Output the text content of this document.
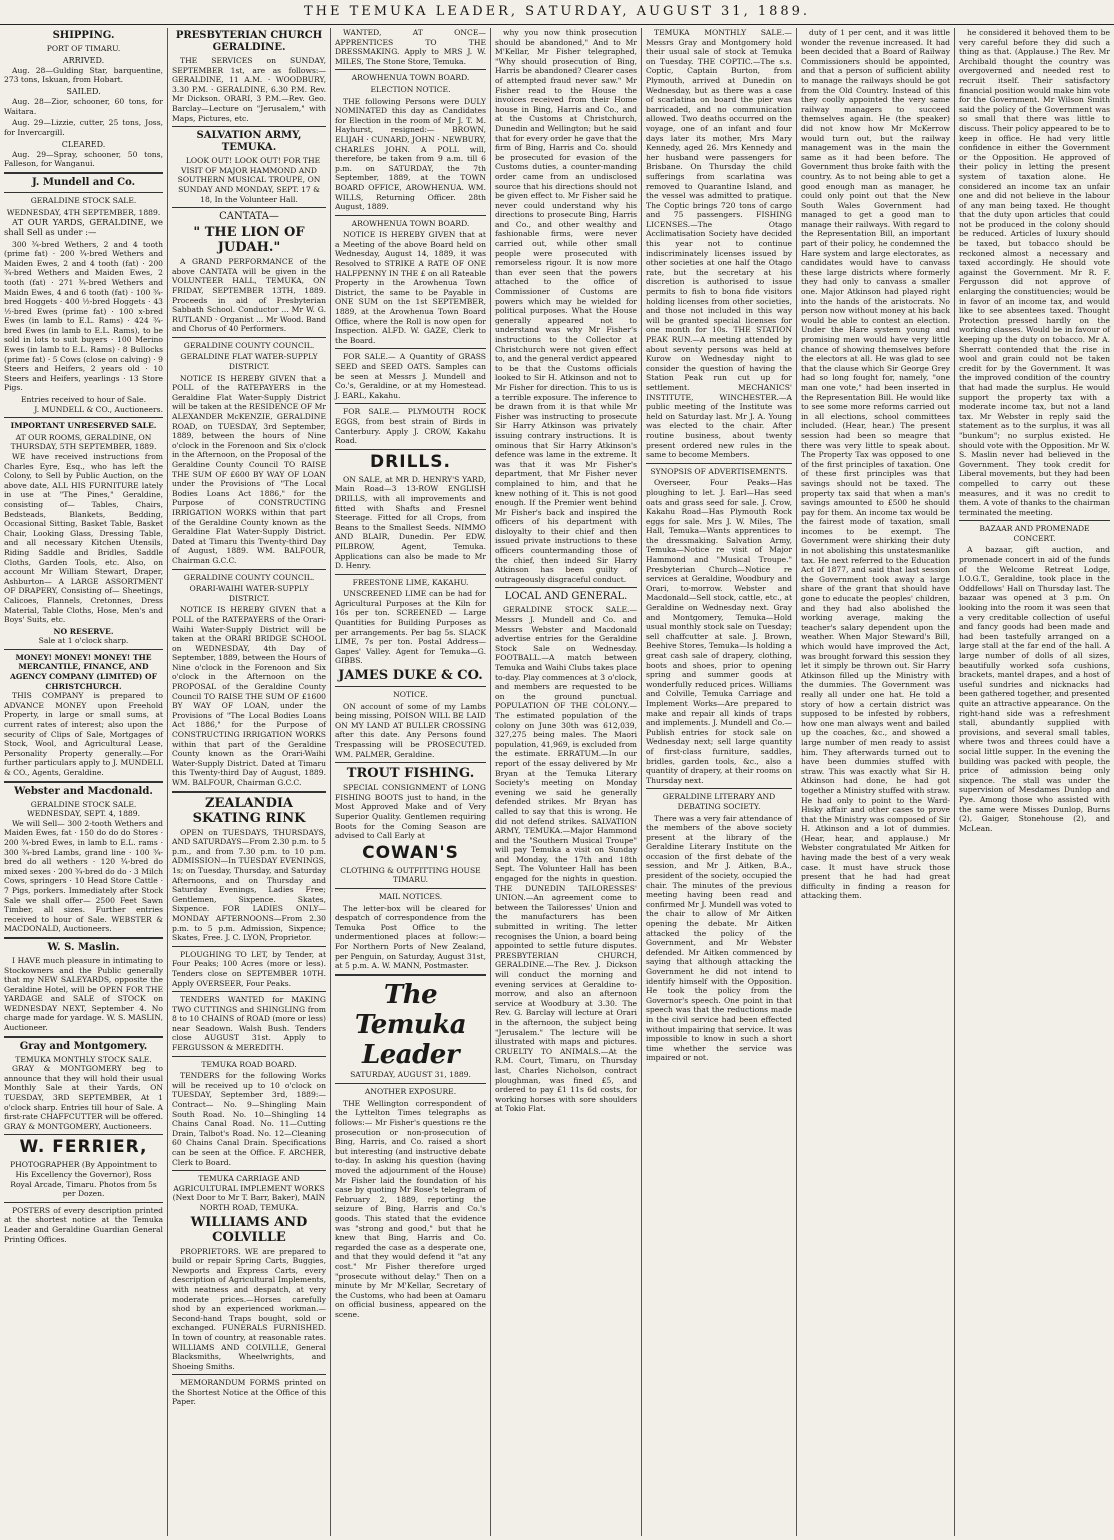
THE TEMUKA LEADER, SATURDAY, AUGUST 31, 1889.
SHIPPING.
PORT OF TIMARU.
ARRIVED.
Aug. 28—Gulding Star, barquentine, 273 tons, Iskuan, from Hobart.
SAILED.
Aug. 28—Zior, schooner, 60 tons, for Waitara.
Aug. 29—Lizzie, cutter, 25 tons, Joss, for Invercargill.
CLEARED.
Aug. 29—Spray, schooner, 50 tons, Falleson, for Wanganui.
J. Mundell and Co.
GERALDINE STOCK SALE.
WEDNESDAY, 4TH SEPTEMBER, 1889.
AT OUR YARDS, GERALDINE, we shall Sell as under :—
300 ¾-bred Wethers, 2 and 4 tooth (prime fat) · 200 ¾-bred Wethers and Maiden Ewes, 2 and 4 tooth (fat) · 200 ¾-bred Wethers and Maiden Ewes, 2 tooth (fat) · 271 ¾-bred Wethers and Maidn Ewes, 4 and 6 tooth (fat) · 100 ¾-bred Hoggets · 400 ½-bred Hoggets · 43 ½-bred Ewes (prime fat) · 100 x-bred Ewes (in lamb to E.L. Rams) · 424 ¾-bred Ewes (in lamb to E.L. Rams), to be sold in lots to suit buyers · 100 Merino Ewes (in lamb to E.L. Rams) · 8 Bullocks (prime fat) · 5 Cows (close on calving) · 9 Steers and Heifers, 2 years old · 10 Steers and Heifers, yearlings · 13 Store Pigs.
Entries received to hour of Sale.
J. MUNDELL & CO., Auctioneers.
IMPORTANT UNRESERVED SALE.
AT OUR ROOMS, GERALDINE, ON THURSDAY, 5TH SEPTEMBER, 1889.
WE have received instructions from Charles Eyre, Esq., who has left the Colony, to Sell by Public Auction, on the above date, ALL HIS FURNITURE lately in use at "The Pines," Geraldine, consisting of— Tables, Chairs, Bedsteads, Blankets, Bedding, Occasional Sitting, Basket Table, Basket Chair, Looking Glass, Dressing Table, and all necessary Kitchen Utensils, Riding Saddle and Bridles, Saddle Cloths, Garden Tools, etc. Also, on account Mr William Stewart, Draper, Ashburton— A LARGE ASSORTMENT OF DRAPERY, Consisting of— Sheetings, Calicoes, Flannels, Cretonnes, Dress Material, Table Cloths, Hose, Men's and Boys' Suits, etc.
NO RESERVE.
Sale at 1 o'clock sharp.
MONEY! MONEY! MONEY! THE MERCANTILE, FINANCE, AND AGENCY COMPANY (LIMITED) OF CHRISTCHURCH.
THIS COMPANY is prepared to ADVANCE MONEY upon Freehold Property, in large or small sums, at current rates of interest; also upon the security of Clips of Sale, Mortgages of Stock, Wool, and Agricultural Lease, Personality Property generally.—For further particulars apply to J. MUNDELL & CO., Agents, Geraldine.
Webster and Macdonald.
GERALDINE STOCK SALE. WEDNESDAY, SEPT. 4, 1889.
We will Sell— 300 2-tooth Wethers and Maiden Ewes, fat · 150 do do do Stores · 200 ¾-bred Ewes, in lamb to E.L. rams · 300 ¾-bred Lambs, grand line · 100 ¾-bred do all wethers · 120 ¾-bred do mixed sexes · 200 ¾-bred do do · 3 Milch Cows, springers · 10 Head Store Cattle · 7 Pigs, porkers. Immediately after Stock Sale we shall offer— 2500 Feet Sawn Timber, all sizes. Further entries received to hour of Sale. WEBSTER & MACDONALD, Auctioneers.
W. S. Maslin.
I HAVE much pleasure in intimating to Stockowners and the Public generally that my NEW SALEYARDS, opposite the Geraldine Hotel, will be OPEN FOR THE YARDAGE and SALE of STOCK on WEDNESDAY NEXT, September 4. No charge made for yardage. W. S. MASLIN, Auctioneer.
Gray and Montgomery.
TEMUKA MONTHLY STOCK SALE.
GRAY & MONTGOMERY beg to announce that they will hold their usual Monthly Sale at their Yards, ON TUESDAY, 3RD SEPTEMBER, At 1 o'clock sharp. Entries till hour of Sale. A first-rate CHAFFCUTTER will be offered. GRAY & MONTGOMERY, Auctioneers.
W. FERRIER,
PHOTOGRAPHER (By Appointment to His Excellency the Governor), Ross Royal Arcade, Timaru. Photos from 5s per Dozen.
POSTERS of every description printed at the shortest notice at the Temuka Leader and Geraldine Guardian General Printing Offices.
PRESBYTERIAN CHURCH GERALDINE.
THE SERVICES on SUNDAY, SEPTEMBER 1st, are as follows:— GERALDINE, 11 A.M. · WOODBURY, 3.30 P.M. · GERALDINE, 6.30 P.M. Rev. Mr Dickson. ORARI, 3 P.M.—Rev. Geo. Barclay—Lecture on "Jerusalem," with Maps, Pictures, etc.
SALVATION ARMY, TEMUKA.
LOOK OUT! LOOK OUT! FOR THE VISIT OF MAJOR HAMMOND AND SOUTHERN MUSICAL TROUPE, ON SUNDAY AND MONDAY, SEPT. 17 & 18, In the Volunteer Hall.
CANTATA—
" THE LION OF JUDAH."
A GRAND PERFORMANCE of the above CANTATA will be given in the VOLUNTEER HALL, TEMUKA, ON FRIDAY, SEPTEMBER 13TH, 1889. Proceeds in aid of Presbyterian Sabbath School. Conductor ... Mr W. G. RUTLAND · Organist ... Mr Wood. Band and Chorus of 40 Performers.
GERALDINE COUNTY COUNCIL.
GERALDINE FLAT WATER-SUPPLY DISTRICT.
NOTICE IS HEREBY GIVEN that a POLL of the RATEPAYERS in the Geraldine Flat Water-Supply District will be taken at the RESIDENCE OF Mr ALEXANDER McKENZIE, GERALDINE ROAD, on TUESDAY, 3rd September, 1889, between the hours of Nine o'clock in the Forenoon and Six o'clock in the Afternoon, on the Proposal of the Geraldine County Council TO RAISE THE SUM OF £600 BY WAY OF LOAN under the Provisions of "The Local Bodies Loans Act 1886," for the Purpose of CONSTRUCTING IRRIGATION WORKS within that part of the Geraldine County known as the Geraldine Flat Water-Supply District. Dated at Timaru this Twenty-third Day of August, 1889. WM. BALFOUR, Chairman G.C.C.
GERALDINE COUNTY COUNCIL.
ORARI-WAIHI WATER-SUPPLY DISTRICT.
NOTICE IS HEREBY GIVEN that a POLL of the RATEPAYERS of the Orari-Waihi Water-Supply District will be taken at the ORARI BRIDGE SCHOOL on WEDNESDAY, 4th Day of September, 1889, between the Hours of Nine o'clock in the Forenoon and Six o'clock in the Afternoon on the PROPOSAL of the Geraldine County Council TO RAISE THE SUM OF £1600 BY WAY OF LOAN, under the Provisions of "The Local Bodies Loans Act 1886," for the Purpose of CONSTRUCTING IRRIGATION WORKS within that part of the Geraldine County known as the Orari-Waihi Water-Supply District. Dated at Timaru this Twenty-third Day of August, 1889. WM. BALFOUR, Chairman G.C.C.
ZEALANDIA SKATING RINK
OPEN on TUESDAYS, THURSDAYS, AND SATURDAYS—From 2.30 p.m. to 5 p.m., and from 7.30 p.m. to 10 p.m. ADMISSION—In TUESDAY EVENINGS, 1s; on Tuesday, Thursday, and Saturday Afternoons, and on Thursday and Saturday Evenings, Ladies Free; Gentlemen, Sixpence. Skates, Sixpence. FOR LADIES ONLY— MONDAY AFTERNOONS—From 2.30 p.m. to 5 p.m. Admission, Sixpence; Skates, Free. J. C. LYON, Proprietor.
PLOUGHING TO LET, by Tender, at Four Peaks; 100 Acres (more or less). Tenders close on SEPTEMBER 10TH. Apply OVERSEER, Four Peaks.
TENDERS WANTED for MAKING TWO CUTTINGS and SHINGLING from 8 to 10 CHAINS of ROAD (more or less) near Seadown. Walsh Bush. Tenders close AUGUST 31st. Apply to FERGUSSON & MEREDITH.
TEMUKA ROAD BOARD.
TENDERS for the following Works will be received up to 10 o'clock on TUESDAY, September 3rd, 1889:— Contract— No. 9—Shingling Main South Road. No. 10—Shingling 14 Chains Canal Road. No. 11—Cutting Drain, Talbot's Road. No. 12—Cleaning 60 Chains Canal Drain. Specifications can be seen at the Office. F. ARCHER, Clerk to Board.
TEMUKA CARRIAGE AND AGRICULTURAL IMPLEMENT WORKS (Next Door to Mr T. Barr, Baker), MAIN NORTH ROAD, TEMUKA.
WILLIAMS AND COLVILLE
PROPRIETORS. WE are prepared to build or repair Spring Carts, Buggies, Newports and Express Carts, every description of Agricultural Implements, with neatness and despatch, at very moderate prices.—Horses carefully shod by an experienced workman.—Second-hand Traps bought, sold or exchanged. FUNERALS FURNISHED. In town of country, at reasonable rates. WILLIAMS AND COLVILLE, General Blacksmiths, Wheelwrights, and Shoeing Smiths.
MEMORANDUM FORMS printed on the Shortest Notice at the Office of this Paper.
WANTED, AT ONCE— APPRENTICES TO THE DRESSMAKING. Apply to MRS J. W. MILES, The Stone Store, Temuka.
AROWHENUA TOWN BOARD.
ELECTION NOTICE.
THE following Persons were DULY NOMINATED this day as Candidates for Election in the room of Mr J. T. M. Hayhurst, resigned:— BROWN, ELIJAH · CUNARD, JOHN · NEWBURY, CHARLES JOHN. A POLL will, therefore, be taken from 9 a.m. till 6 p.m. on SATURDAY, the 7th September, 1889, at the TOWN BOARD OFFICE, AROWHENUA. WM. WILLS, Returning Officer. 28th August, 1889.
AROWHENUA TOWN BOARD.
NOTICE IS HEREBY GIVEN that at a Meeting of the above Board held on Wednesday, August 14, 1889, it was Resolved to STRIKE A RATE OF ONE HALFPENNY IN THE £ on all Rateable Property in the Arowhenua Town District, the same to be Payable in ONE SUM on the 1st SEPTEMBER, 1889, at the Arowhenua Town Board Office, where the Roll is now open for Inspection. ALFD. W. GAZE, Clerk to the Board.
FOR SALE.— A Quantity of GRASS SEED and SEED OATS. Samples can be seen at Messrs J. Mundell and Co.'s, Geraldine, or at my Homestead. J. EARL, Kakahu.
FOR SALE.— PLYMOUTH ROCK EGGS, from best strain of Birds in Canterbury. Apply J. CROW, Kakahu Road.
DRILLS.
ON SALE, at MR D. HENRY'S YARD, Main Road—3 13-ROW ENGLISH DRILLS, with all improvements and fitted with Shafts and Fresnel Steerage. Fitted for all Crops, from Beans to the Smallest Seeds. NIMMO AND BLAIR, Dunedin. Per EDW. PILBROW, Agent, Temuka. Applications can also be made to Mr D. Henry.
FREESTONE LIME, KAKAHU.
UNSCREENED LIME can be had for Agricultural Purposes at the Kiln for 16s per ton. SCREENED — Large Quantities for Building Purposes as per arrangements. Per bag 5s. SLACK LIME, 7s per ton. Postal Address—Gapes' Valley. Agent for Temuka—G. GIBBS.
JAMES DUKE & CO.
NOTICE.
ON account of some of my Lambs being missing, POISON WILL BE LAID ON MY LAND AT BULLER CROSSING after this date. Any Persons found Trespassing will be PROSECUTED. WM. PALMER, Geraldine.
TROUT FISHING.
SPECIAL CONSIGNMENT of LONG FISHING BOOTS just to hand, in the Most Approved Make and of Very Superior Quality. Gentlemen requiring Boots for the Coming Season are advised to Call Early at
COWAN'S
CLOTHING & OUTFITTING HOUSE TIMARU.
MAIL NOTICES.
The letter-box will be cleared for despatch of correspondence from the Temuka Post Office to the undermentioned places at follow:— For Northern Ports of New Zealand, per Penguin, on Saturday, August 31st, at 5 p.m. A. W. MANN, Postmaster.
The Temuka Leader
SATURDAY, AUGUST 31, 1889.
ANOTHER EXPOSURE.
THE Wellington correspondent of the Lyttelton Times telegraphs as follows:— Mr Fisher's questions re the prosecution or non-prosecution of Bing, Harris, and Co. raised a short but interesting (and instructive debate to-day. In asking his question (having moved the adjournment of the House) Mr Fisher laid the foundation of his case by quoting Mr Rose's telegram of February 2, 1889, reporting the seizure of Bing, Harris and Co.'s goods. This stated that the evidence was "strong and good," but that he knew that Bing, Harris and Co. regarded the case as a desperate one, and that they would defend it "at any cost." Mr Fisher therefore urged "prosecute without delay." Then on a minute by Mr M'Kellar, Secretary of the Customs, who had been at Oamaru on official business, appeared on the scene.
why you now think prosecution should be abandoned," And to Mr M'Kellar, Mr Fisher telegraphed, "Why should prosecution of Bing, Harris be abandoned? Clearer cases of attempted fraud never saw." Mr Fisher read to the House the invoices received from their Home house in Bing, Harris and Co., and at the Customs at Christchurch, Dunedin and Wellington; but he said that for every order he gave that the firm of Bing, Harris and Co. should be prosecuted for evasion of the Customs duties, a counter-manding order came from an undisclosed source that his directions should not be given effect to. Mr Fisher said he never could understand why his directions to prosecute Bing, Harris and Co., and other wealthy and fashionable firms, were never carried out, while other small people were prosecuted with remorseless rigour. It is now more than ever seen that the powers attached to the office of Commissioner of Customs are powers which may be wielded for political purposes. What the House generally appeared not to understand was why Mr Fisher's instructions to the Collector at Christchurch were not given effect to, and the general verdict appeared to be that the Customs officials looked to Sir H. Atkinson and not to Mr Fisher for direction. This to us is a terrible exposure. The inference to be drawn from it is that while Mr Fisher was instructing to prosecute Sir Harry Atkinson was privately issuing contrary instructions. It is ominous that Sir Harry Atkinson's defence was lame in the extreme. It was that it was Mr Fisher's department, that Mr Fisher never complained to him, and that he knew nothing of it. This is not good enough. If the Premier went behind Mr Fisher's back and inspired the officers of his department with disloyalty to their chief and then issued private instructions to these officers countermanding those of the chief, then indeed Sir Harry Atkinson has been guilty of outrageously disgraceful conduct.
LOCAL AND GENERAL.
GERALDINE STOCK SALE.—Messrs J. Mundell and Co. and Messrs Webster and Macdonald advertise entries for the Geraldine Stock Sale on Wednesday. FOOTBALL.—A match between Temuka and Waihi Clubs takes place to-day. Play commences at 3 o'clock, and members are requested to be on the ground punctual. POPULATION OF THE COLONY.—The estimated population of the colony on June 30th was 612,039, 327,275 being males. The Maori population, 41,969, is excluded from the estimate. ERRATUM.—In our report of the essay delivered by Mr Bryan at the Temuka Literary Society's meeting on Monday evening we said he generally defended strikes. Mr Bryan has called to say that this is wrong. He did not defend strikes. SALVATION ARMY, TEMUKA.—Major Hammond and the "Southern Musical Troupe" will pay Temuka a visit on Sunday and Monday, the 17th and 18th Sept. The Volunteer Hall has been engaged for the nights in question. THE DUNEDIN TAILORESSES' UNION.—An agreement come to between the Tailoresses' Union and the manufacturers has been submitted in writing. The letter recognises the Union, a board being appointed to settle future disputes. PRESBYTERIAN CHURCH, GERALDINE.—The Rev. J. Dickson will conduct the morning and evening services at Geraldine to-morrow, and also an afternoon service at Woodbury at 3.30. The Rev. G. Barclay will lecture at Orari in the afternoon, the subject being "Jerusalem." The lecture will be illustrated with maps and pictures. CRUELTY TO ANIMALS.—At the R.M. Court, Timaru, on Thursday last, Charles Nicholson, contract ploughman, was fined £5, and ordered to pay £1 11s 6d costs, for working horses with sore shoulders at Tokio Flat.
TEMUKA MONTHLY SALE.—Messrs Gray and Montgomery hold their usual sale of stock at Temuka on Tuesday. THE COPTIC.—The s.s. Coptic, Captain Burton, from Plymouth, arrived at Dunedin on Wednesday, but as there was a case of scarlatina on board the pier was barricaded, and no communication allowed. Two deaths occurred on the voyage, one of an infant and four days later its mother, Mrs Mary Kennedy, aged 26. Mrs Kennedy and her husband were passengers for Brisbane. On Thursday the child sufferings from scarlatina was removed to Quarantine Island, and the vessel was admitted to pratique. The Coptic brings 720 tons of cargo and 75 passengers. FISHING LICENSES.—The Otago Acclimatisation Society have decided this year not to continue indiscriminately licenses issued by other societies at one half the Otago rate, but the secretary at his discretion is authorised to issue permits to fish to bona fide visitors holding licenses from other societies, and those not included in this way will be granted special licenses for one month for 10s. THE STATION PEAK RUN.—A meeting attended by about seventy persons was held at Kurow on Wednesday night to consider the question of having the Station Peak run cut up for settlement. MECHANICS' INSTITUTE, WINCHESTER.—A public meeting of the Institute was held on Saturday last. Mr J. A. Young was elected to the chair. After routine business, about twenty present ordered new rules in the same to become Members.
SYNOPSIS OF ADVERTISEMENTS.
Overseer, Four Peaks—Has ploughing to let. J. Earl—Has seed oats and grass seed for sale. J. Crow, Kakahu Road—Has Plymouth Rock eggs for sale. Mrs J. W. Miles, The Hall, Temuka—Wants apprentices to the dressmaking. Salvation Army, Temuka—Notice re visit of Major Hammond and "Musical Troupe." Presbyterian Church—Notice re services at Geraldine, Woodbury and Orari, to-morrow. Webster and Macdonald—Sell stock, cattle, etc., at Geraldine on Wednesday next. Gray and Montgomery, Temuka—Hold usual monthly stock sale on Tuesday; sell chaffcutter at sale. J. Brown, Beehive Stores, Temuka—Is holding a great cash sale of drapery, clothing, boots and shoes, prior to opening spring and summer goods at wonderfully reduced prices. Williams and Colville, Temuka Carriage and Implement Works—Are prepared to make and repair all kinds of traps and implements. J. Mundell and Co.—Publish entries for stock sale on Wednesday next; sell large quantity of first-class furniture, saddles, bridles, garden tools, &c., also a quantity of drapery, at their rooms on Thursday next.
GERALDINE LITERARY AND DEBATING SOCIETY.
There was a very fair attendance of the members of the above society present at the library of the Geraldine Literary Institute on the occasion of the first debate of the session, and Mr J. Aitken, B.A., president of the society, occupied the chair. The minutes of the previous meeting having been read and confirmed Mr J. Mundell was voted to the chair to allow of Mr Aitken opening the debate. Mr Aitken attacked the policy of the Government, and Mr Webster defended. Mr Aitken commenced by saying that although attacking the Government he did not intend to identify himself with the Opposition. He took the policy from the Governor's speech. One point in that speech was that the reductions made in the civil service had been effected without impairing that service. It was impossible to know in such a short time whether the service was impaired or not.
duty of 1 per cent, and it was little wonder the revenue increased. It had been decided that a Board of Railway Commissioners should be appointed, and that a person of sufficient ability to manage the railways should be got from the Old Country. Instead of this they coolly appointed the very same railway managers to succeed themselves again. He (the speaker) did not know how Mr McKerrow would turn out, but the railway management was in the main the same as it had been before. The Government thus broke faith with the country. As to not being able to get a good enough man as manager, he could only point out that the New South Wales Government had managed to get a good man to manage their railways. With regard to the Representation Bill, an important part of their policy, he condemned the Hare system and large electorates, as candidates would have to canvass these large districts where formerly they had only to canvass a smaller one. Major Atkinson had played right into the hands of the aristocrats. No person now without money at his back would be able to contest an election. Under the Hare system young and promising men would have very little chance of showing themselves before the electors at all. He was glad to see that the clause which Sir George Grey had so long fought for, namely, "one man one vote," had been inserted in the Representation Bill. He would like to see some more reforms carried out in all elections, school committees included. (Hear, hear.) The present session had been so meagre that there was very little to speak about. The Property Tax was opposed to one of the first principles of taxation. One of these first principles was that savings should not be taxed. The property tax said that when a man's savings amounted to £500 he should pay for them. An income tax would be the fairest mode of taxation, small incomes to be exempt. The Government were shirking their duty in not abolishing this unstatesmanlike tax. He next referred to the Education Act of 1877, and said that last session the Government took away a large share of the grant that should have gone to educate the peoples' children, and they had also abolished the working average, making the teacher's salary dependent upon the weather. When Major Steward's Bill, which would have improved the Act, was brought forward this session they let it simply be thrown out. Sir Harry Atkinson filled up the Ministry with the dummies. The Government was really all under one hat. He told a story of how a certain district was supposed to be infested by robbers, how one man always went and bailed up the coaches, &c., and showed a large number of men ready to assist him. They afterwards turned out to have been dummies stuffed with straw. This was exactly what Sir H. Atkinson had done, he had got together a Ministry stuffed with straw. He had only to point to the Ward-Hisky affair and other cases to prove that the Ministry was composed of Sir H. Atkinson and a lot of dummies. (Hear, hear, and applause.) Mr Webster congratulated Mr Aitken for having made the best of a very weak case. It must have struck those present that he had had great difficulty in finding a reason for attacking them.
he considered it behoved them to be very careful before they did such a thing as that. (Applause.) The Rev. Mr Archibald thought the country was overgoverned and needed rest to recruit itself. Their satisfactory financial position would make him vote for the Government. Mr Wilson Smith said the policy of the Government was so small that there was little to discuss. Their policy appeared to be to keep in office. He had very little confidence in either the Government or the Opposition. He approved of their policy in letting the present system of taxation alone. He considered an income tax an unfair one and did not believe in the labour of any man being taxed. He thought that the duty upon articles that could not be produced in the colony should be reduced. Articles of luxury should be taxed, but tobacco should be reckoned almost a necessary and taxed accordingly. He should vote against the Government. Mr R. F. Fergusson did not approve of enlarging the constituencies; would be in favor of an income tax, and would like to see absentees taxed. Thought Protection pressed hardly on the working classes. Would be in favour of keeping up the duty on tobacco. Mr A. Sherratt contended that the rise in wool and grain could not be taken credit for by the Government. It was the improved condition of the country that had made the surplus. He would support the property tax with a moderate income tax, but not a land tax. Mr Webster in reply said the statement as to the surplus, it was all "bunkum"; no surplus existed. He should vote with the Opposition. Mr W. S. Maslin never had believed in the Government. They took credit for Liberal movements, but they had been compelled to carry out these measures, and it was no credit to them. A vote of thanks to the chairman terminated the meeting.
BAZAAR AND PROMENADE CONCERT.
A bazaar, gift auction, and promenade concert in aid of the funds of the Welcome Retreat Lodge, I.O.G.T., Geraldine, took place in the Oddfellows' Hall on Thursday last. The bazaar was opened at 3 p.m. On looking into the room it was seen that a very creditable collection of useful and fancy goods had been made and had been tastefully arranged on a large stall at the far end of the hall. A large number of dolls of all sizes, beautifully worked sofa cushions, brackets, mantel drapes, and a host of useful sundries and nicknacks had been gathered together, and presented quite an attractive appearance. On the right-hand side was a refreshment stall, abundantly supplied with provisions, and several small tables, where twos and threes could have a social little supper. In the evening the building was packed with people, the price of admission being only sixpence. The stall was under the supervision of Mesdames Dunlop and Pye. Among those who assisted with the same were Misses Dunlop, Burns (2), Gaiger, Stonehouse (2), and McLean.
